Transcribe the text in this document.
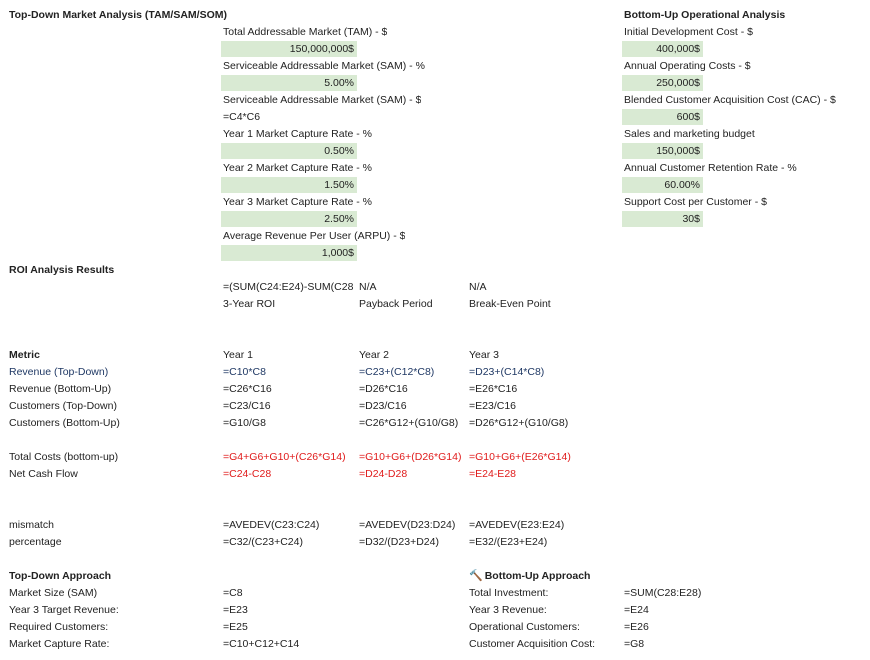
Top-Down Market Analysis (TAM/SAM/SOM)
Total Addressable Market (TAM) - $
150,000,000$
Serviceable Addressable Market (SAM) - %
5.00%
Serviceable Addressable Market (SAM) - $
=C4*C6
Year 1 Market Capture Rate - %
0.50%
Year 2 Market Capture Rate - %
1.50%
Year 3 Market Capture Rate - %
2.50%
Average Revenue Per User (ARPU) - $
1,000$
Bottom-Up Operational Analysis
Initial Development Cost - $
400,000$
Annual Operating Costs - $
250,000$
Blended Customer Acquisition Cost (CAC) - $
600$
Sales and marketing budget
150,000$
Annual Customer Retention Rate - %
60.00%
Support Cost per Customer - $
30$
ROI Analysis Results
=(SUM(C24:E24)-SUM(C28 N/A	N/A
3-Year ROI	Payback Period	Break-Even Point
Metric	Year 1	Year 2	Year 3
Revenue (Top-Down)	=C10*C8	=C23+(C12*C8)	=D23+(C14*C8)
Revenue (Bottom-Up)	=C26*C16	=D26*C16	=E26*C16
Customers (Top-Down)	=C23/C16	=D23/C16	=E23/C16
Customers (Bottom-Up)	=G10/G8	=C26*G12+(G10/G8)	=D26*G12+(G10/G8)
Total Costs (bottom-up)	=G4+G6+G10+(C26*G14)	=G10+G6+(D26*G14) =G10+G6+(E26*G14)
Net Cash Flow	=C24-C28	=D24-D28	=E24-E28
mismatch	=AVEDEV(C23:C24)	=AVEDEV(D23:D24)	=AVEDEV(E23:E24)
percentage	=C32/(C23+C24)	=D32/(D23+D24)	=E32/(E23+E24)
Top-Down Approach
Market Size (SAM)	=C8
Year 3 Target Revenue:	=E23
Required Customers:	=E25
Market Capture Rate:	=C10+C12+C14
🔨 Bottom-Up Approach
Total Investment:	=SUM(C28:E28)
Year 3 Revenue:	=E24
Operational Customers:	=E26
Customer Acquisition Cost:	=G8
